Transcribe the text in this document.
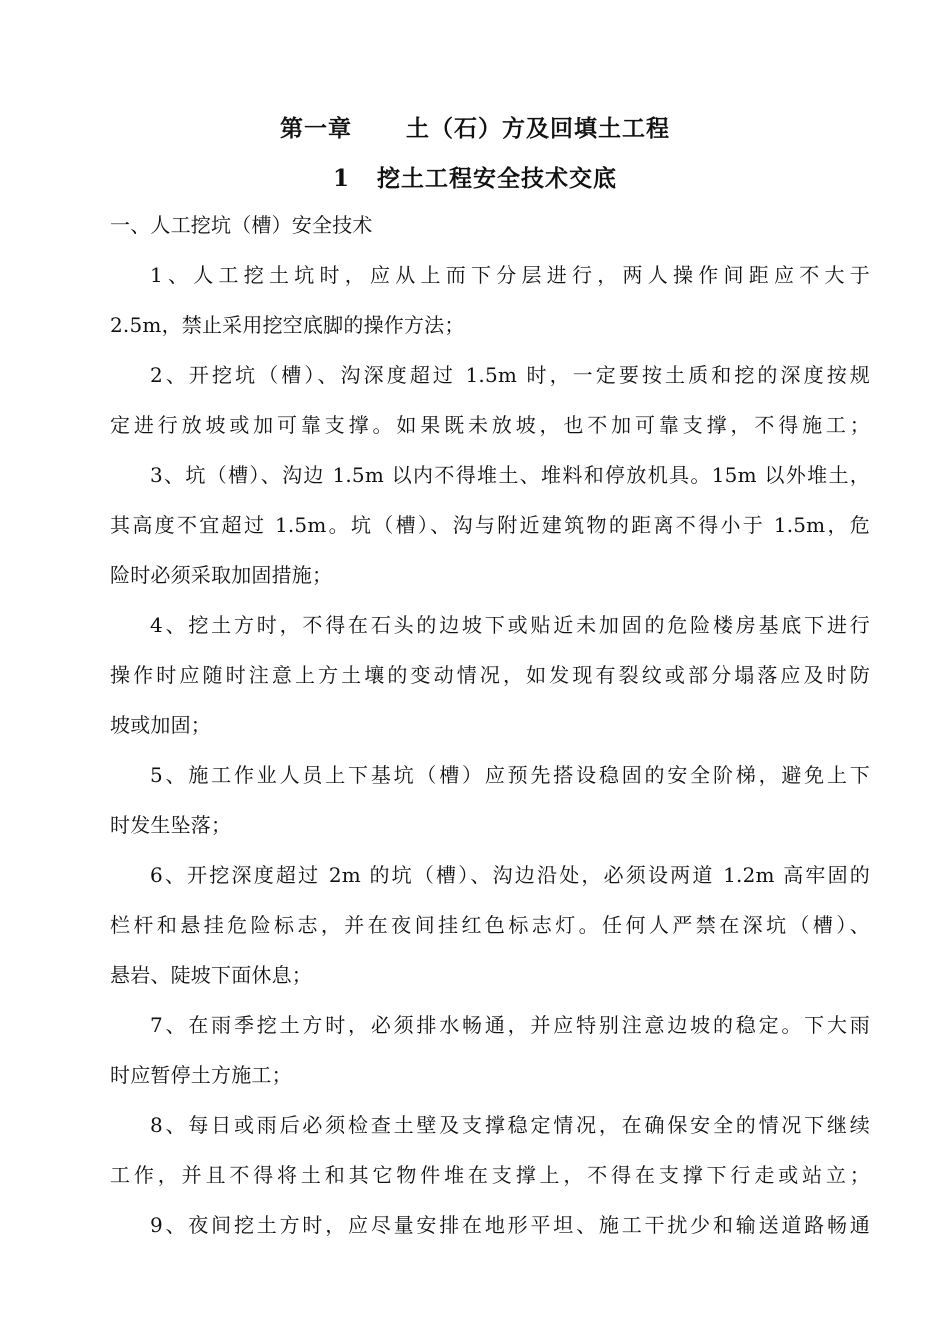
第一章      土（石）方及回填土工程
1   挖土工程安全技术交底
一、人工挖坑（槽）安全技术
1、人工挖土坑时，应从上而下分层进行，两人操作间距应不大于
2.5m，禁止采用挖空底脚的操作方法；
2、开挖坑（槽）、沟深度超过 1.5m 时，一定要按土质和挖的深度按规
定进行放坡或加可靠支撑。如果既未放坡，也不加可靠支撑，不得施工；
3、坑（槽）、沟边 1.5m 以内不得堆土、堆料和停放机具。15m 以外堆土，
其高度不宜超过 1.5m。坑（槽）、沟与附近建筑物的距离不得小于 1.5m，危
险时必须采取加固措施；
4、挖土方时，不得在石头的边坡下或贴近未加固的危险楼房基底下进行
操作时应随时注意上方土壤的变动情况，如发现有裂纹或部分塌落应及时防
坡或加固；
5、施工作业人员上下基坑（槽）应预先搭设稳固的安全阶梯，避免上下
时发生坠落；
6、开挖深度超过 2m 的坑（槽）、沟边沿处，必须设两道 1.2m 高牢固的
栏杆和悬挂危险标志，并在夜间挂红色标志灯。任何人严禁在深坑（槽）、
悬岩、陡坡下面休息；
7、在雨季挖土方时，必须排水畅通，并应特别注意边坡的稳定。下大雨
时应暂停土方施工；
8、每日或雨后必须检查土壁及支撑稳定情况，在确保安全的情况下继续
工作，并且不得将土和其它物件堆在支撑上，不得在支撑下行走或站立；
9、夜间挖土方时，应尽量安排在地形平坦、施工干扰少和输送道路畅通
